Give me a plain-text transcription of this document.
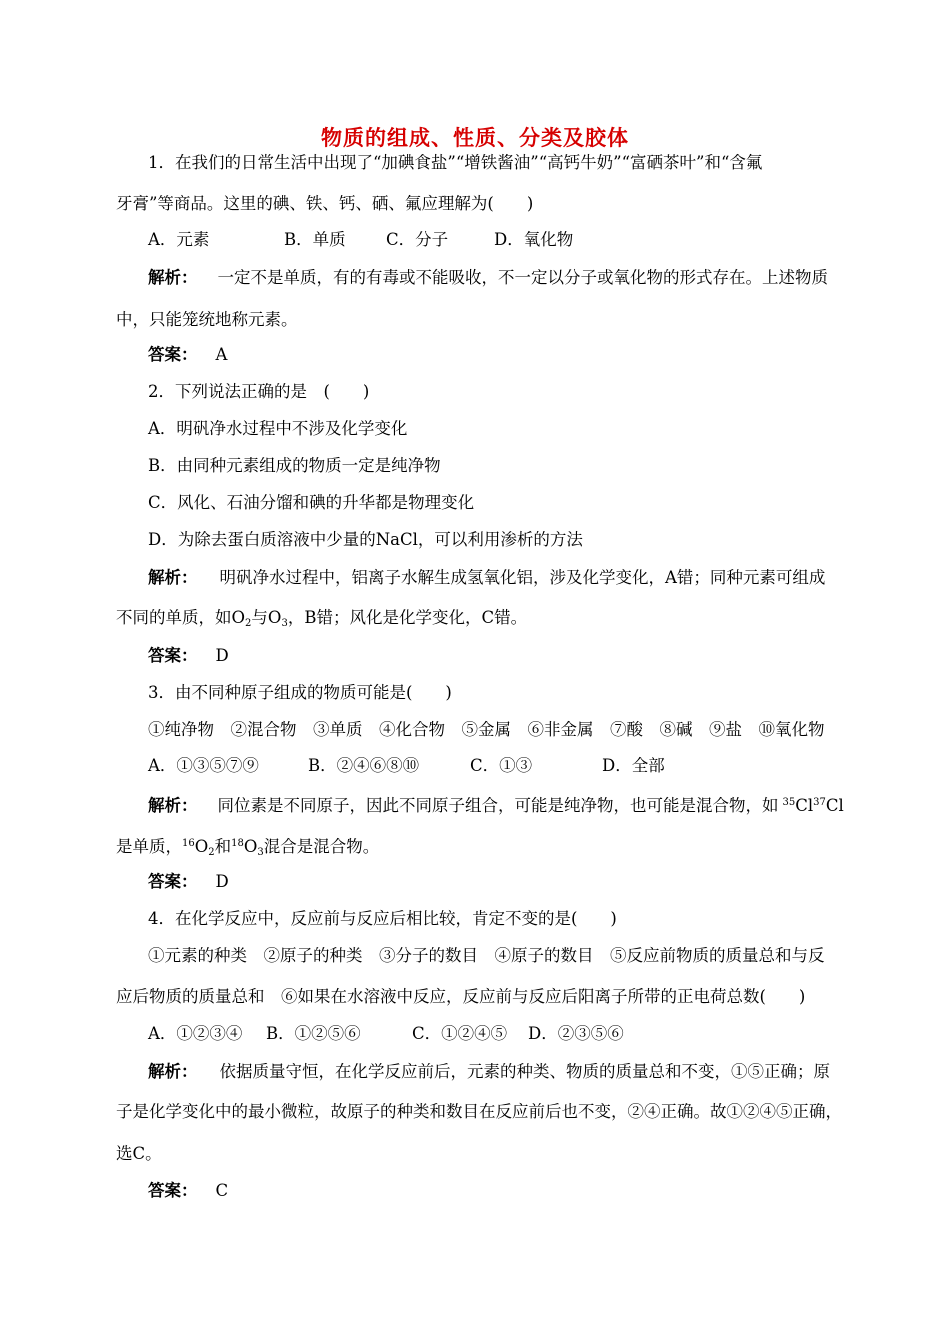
物质的组成、性质、分类及胶体
1．在我们的日常生活中出现了“加碘食盐”“增铁酱油”“高钙牛奶”“富硒茶叶”和“含氟
牙膏”等商品。这里的碘、铁、钙、硒、氟应理解为(　　)
A．元素	B．单质 C．分子	D．氧化物
解析： 一定不是单质，有的有毒或不能吸收，不一定以分子或氧化物的形式存在。上述物质
中，只能笼统地称元素。
答案： A
2．下列说法正确的是　(　　)
A．明矾净水过程中不涉及化学变化
B．由同种元素组成的物质一定是纯净物
C．风化、石油分馏和碘的升华都是物理变化
D．为除去蛋白质溶液中少量的NaCl，可以利用渗析的方法
解析： 明矾净水过程中，铝离子水解生成氢氧化铝，涉及化学变化，A错；同种元素可组成
不同的单质，如$O_2$与$O_3$，B错；风化是化学变化，C错。
答案： D
3．由不同种原子组成的物质可能是(　　)
①纯净物　②混合物　③单质　④化合物　⑤金属　⑥非金属　⑦酸　⑧碱　⑨盐　⑩氧化物
A．①③⑤⑦⑨	B．②④⑥⑧⑩	C．①③	D．全部
解析： 同位素是不同原子，因此不同原子组合，可能是纯净物，也可能是混合物，如 $^{35}$Cl$^{37}$Cl
是单质，$^{16}O_2$和$^{18}O_3$混合是混合物。
答案： D
4．在化学反应中，反应前与反应后相比较，肯定不变的是(　　)
①元素的种类　②原子的种类　③分子的数目　④原子的数目　⑤反应前物质的质量总和与反
应后物质的质量总和　⑥如果在水溶液中反应，反应前与反应后阳离子所带的正电荷总数(　　)
A．①②③④ B．①②⑤⑥	C．①②④⑤ D．②③⑤⑥
解析： 依据质量守恒，在化学反应前后，元素的种类、物质的质量总和不变，①⑤正确；原
子是化学变化中的最小微粒，故原子的种类和数目在反应前后也不变，②④正确。故①②④⑤正确，
选C。
答案： C
